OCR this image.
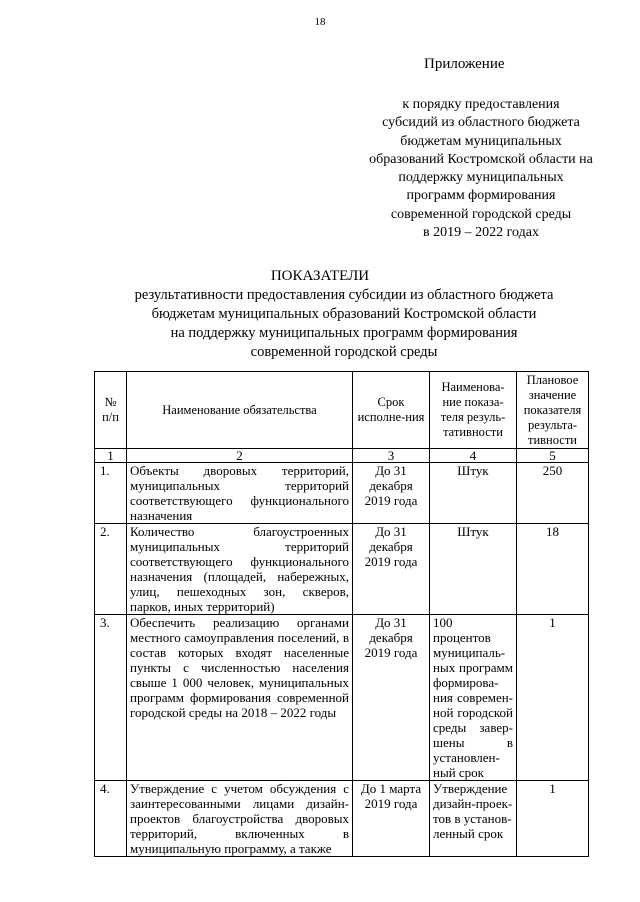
18
Приложение
к порядку предоставления
субсидий из областного бюджета
бюджетам муниципальных
образований Костромской области на
поддержку муниципальных
программ формирования
современной городской среды
в 2019 – 2022 годах
ПОКАЗАТЕЛИ
результативности предоставления субсидии из областного бюджета
бюджетам муниципальных образований Костромской области
на поддержку муниципальных программ формирования
современной городской среды
№ п/п	Наименование обязательства	Срок исполне-ния	Наименова-ние показа-теля резуль-тативности	Плановое значение показателя результа-тивности
1	2	3	4	5
1.	Объекты дворовых территорий, муниципальных территорий соответствующего функционального назначения	До 31 декабря 2019 года	Штук	250
2.	Количество благоустроенных муниципальных территорий соответствующего функционального назначения (площадей, набережных, улиц, пешеходных зон, скверов, парков, иных территорий)	До 31 декабря 2019 года	Штук	18
3.	Обеспечить реализацию органами местного самоуправления поселений, в состав которых входят населенные пункты с численностью населения свыше 1 000 человек, муниципальных программ формирования современной городской среды на 2018 – 2022 годы	До 31 декабря 2019 года	100 процентов муниципаль-ных программ формирова-ния современ-ной городской среды завер-шены в установлен-ный срок	1
4.	Утверждение с учетом обсуждения с заинтересованными лицами дизайн-проектов благоустройства дворовых территорий, включенных в муниципальную программу, а также	До 1 марта 2019 года	Утверждение дизайн-проек-тов в установ-ленный срок	1
